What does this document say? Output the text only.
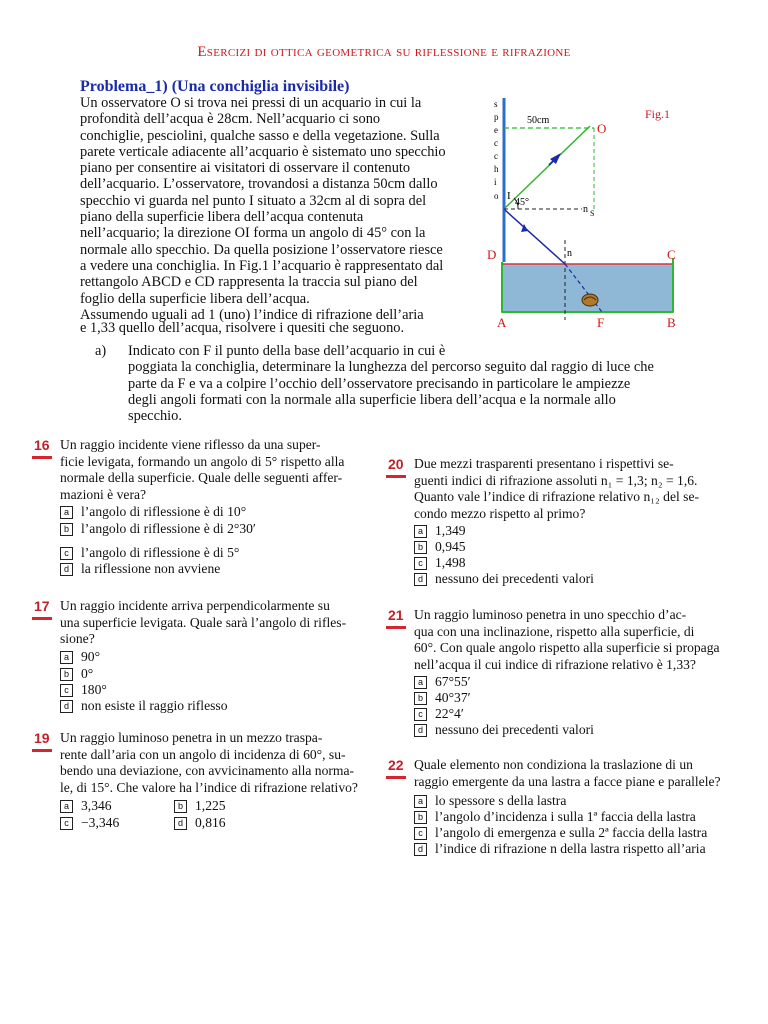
Esercizi di ottica geometrica su riflessione e rifrazione
Problema_1) (Una conchiglia invisibile)
Un osservatore O si trova nei pressi di un acquario in cui la
profondità dell’acqua è 28cm. Nell’acquario ci sono
conchiglie, pesciolini, qualche sasso e della vegetazione. Sulla
parete verticale adiacente all’acquario è sistemato uno specchio
piano per consentire ai visitatori di osservare il contenuto
dell’acquario. L’osservatore, trovandosi a distanza 50cm dallo
specchio vi guarda nel punto I situato a 32cm al di sopra del
piano della superficie libera dell’acqua contenuta
nell’acquario; la direzione OI forma un angolo di 45° con la
normale allo specchio. Da quella posizione l’osservatore riesce
a vedere una conchiglia. In Fig.1 l’acquario è rappresentato dal
rettangolo ABCD e CD rappresenta la traccia sul piano del
foglio della superficie libera dell’acqua.
Assumendo uguali ad 1 (uno) l’indice di rifrazione dell’aria
e 1,33 quello dell’acqua, risolvere i quesiti che seguono.
a) Indicato con F il punto della base dell’acquario in cui è
poggiata la conchiglia, determinare la lunghezza del percorso seguito dal raggio di luce che
parte da F e va a colpire l’occhio dell’osservatore precisando in particolare le ampiezze
degli angoli formati con la normale alla superficie libera dell’acqua e la normale allo
specchio.
s
p
e
c
c
h
i
o
50cm	Fig.1
O
I
45°
n S
n
D	C
A	F	B
16 Un raggio incidente viene riflesso da una super-
ficie levigata, formando un angolo di 5° rispetto alla
normale della superficie. Quale delle seguenti affer-
mazioni è vera?
a l’angolo di riflessione è di 10°
b l’angolo di riflessione è di 2°30′
c l’angolo di riflessione è di 5°
d la riflessione non avviene
17 Un raggio incidente arriva perpendicolarmente su
una superficie levigata. Quale sarà l’angolo di rifles-
sione?
a 90°
b 0°
c 180°
d non esiste il raggio riflesso
19 Un raggio luminoso penetra in un mezzo traspa-
rente dall’aria con un angolo di incidenza di 60°, su-
bendo una deviazione, con avvicinamento alla norma-
le, di 15°. Che valore ha l’indice di rifrazione relativo?
a 3,346	b 1,225
c −3,346	d 0,816
20 Due mezzi trasparenti presentano i rispettivi se-
guenti indici di rifrazione assoluti n₁ = 1,3; n₂ = 1,6.
Quanto vale l’indice di rifrazione relativo n₁₂ del se-
condo mezzo rispetto al primo?
a 1,349
b 0,945
c 1,498
d nessuno dei precedenti valori
21 Un raggio luminoso penetra in uno specchio d’ac-
qua con una inclinazione, rispetto alla superficie, di
60°. Con quale angolo rispetto alla superficie si propaga
nell’acqua il cui indice di rifrazione relativo è 1,33?
a 67°55′
b 40°37′
c 22°4′
d nessuno dei precedenti valori
22 Quale elemento non condiziona la traslazione di un
raggio emergente da una lastra a facce piane e parallele?
a lo spessore s della lastra
b l’angolo d’incidenza i sulla 1ª faccia della lastra
c l’angolo di emergenza e sulla 2ª faccia della lastra
d l’indice di rifrazione n della lastra rispetto all’aria
